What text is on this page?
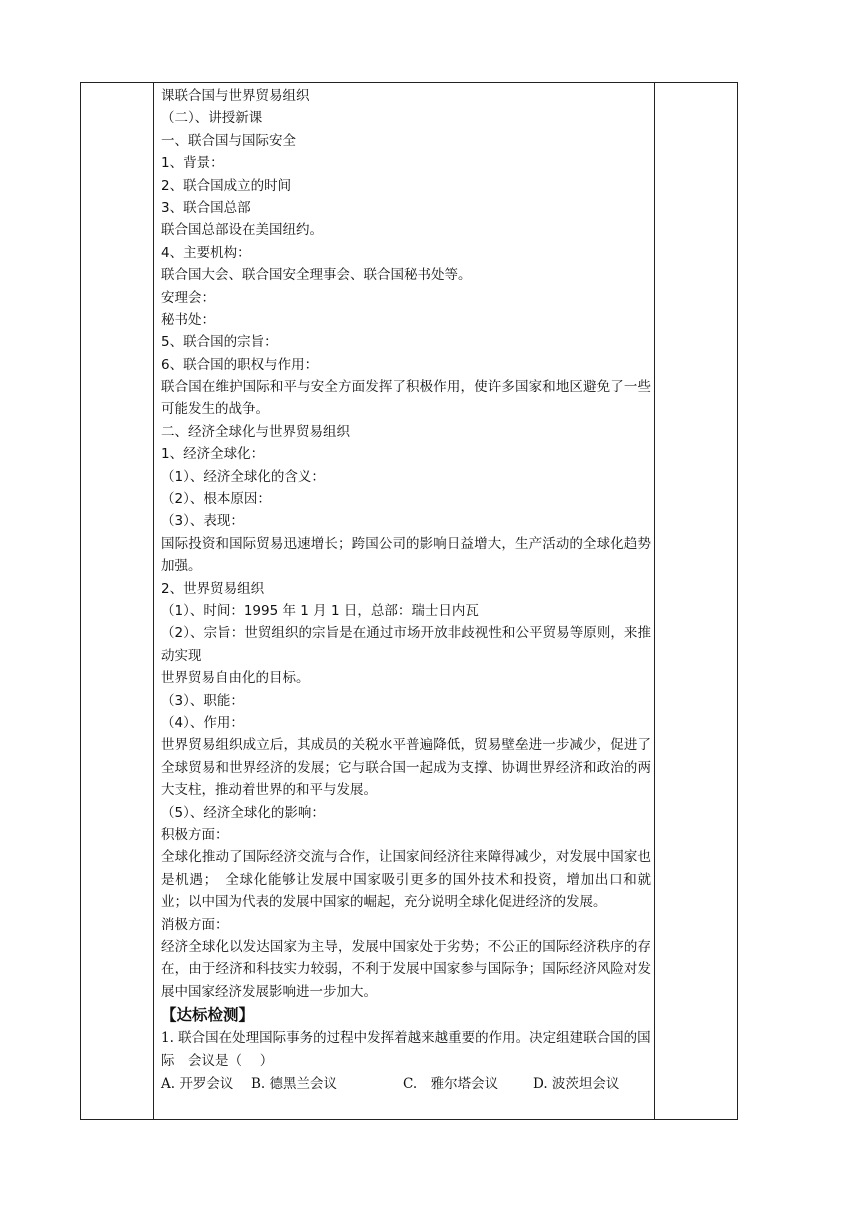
课联合国与世界贸易组织
（二）、讲授新课
一、联合国与国际安全
1、背景：
2、联合国成立的时间
3、联合国总部
联合国总部设在美国纽约。
4、主要机构：
联合国大会、联合国安全理事会、联合国秘书处等。
安理会：
秘书处：
5、联合国的宗旨：
6、联合国的职权与作用：
联合国在维护国际和平与安全方面发挥了积极作用，使许多国家和地区避免了一些可能发生的战争。
二、经济全球化与世界贸易组织
1、经济全球化：
（1）、经济全球化的含义：
（2）、根本原因：
（3）、表现：
国际投资和国际贸易迅速增长；跨国公司的影响日益增大，生产活动的全球化趋势加强。
2、世界贸易组织
（1）、时间：1995 年 1 月 1 日，总部：瑞士日内瓦
（2）、宗旨：世贸组织的宗旨是在通过市场开放非歧视性和公平贸易等原则，来推动实现
世界贸易自由化的目标。
（3）、职能：
（4）、作用：
世界贸易组织成立后，其成员的关税水平普遍降低，贸易壁垒进一步减少，促进了全球贸易和世界经济的发展；它与联合国一起成为支撑、协调世界经济和政治的两大支柱，推动着世界的和平与发展。
（5）、经济全球化的影响：
积极方面：
全球化推动了国际经济交流与合作，让国家间经济往来障得减少，对发展中国家也是机遇；　全球化能够让发展中国家吸引更多的国外技术和投资，增加出口和就业；以中国为代表的发展中国家的崛起，充分说明全球化促进经济的发展。
消极方面：
经济全球化以发达国家为主导，发展中国家处于劣势；不公正的国际经济秩序的存在，由于经济和科技实力较弱，不利于发展中国家参与国际争；国际经济风险对发展中国家经济发展影响进一步加大。
【达标检测】
1. 联合国在处理国际事务的过程中发挥着越来越重要的作用。决定组建联合国的国际　会议是（　 ）
A. 开罗会议	B. 德黑兰会议	C.　雅尔塔会议	D. 波茨坦会议
